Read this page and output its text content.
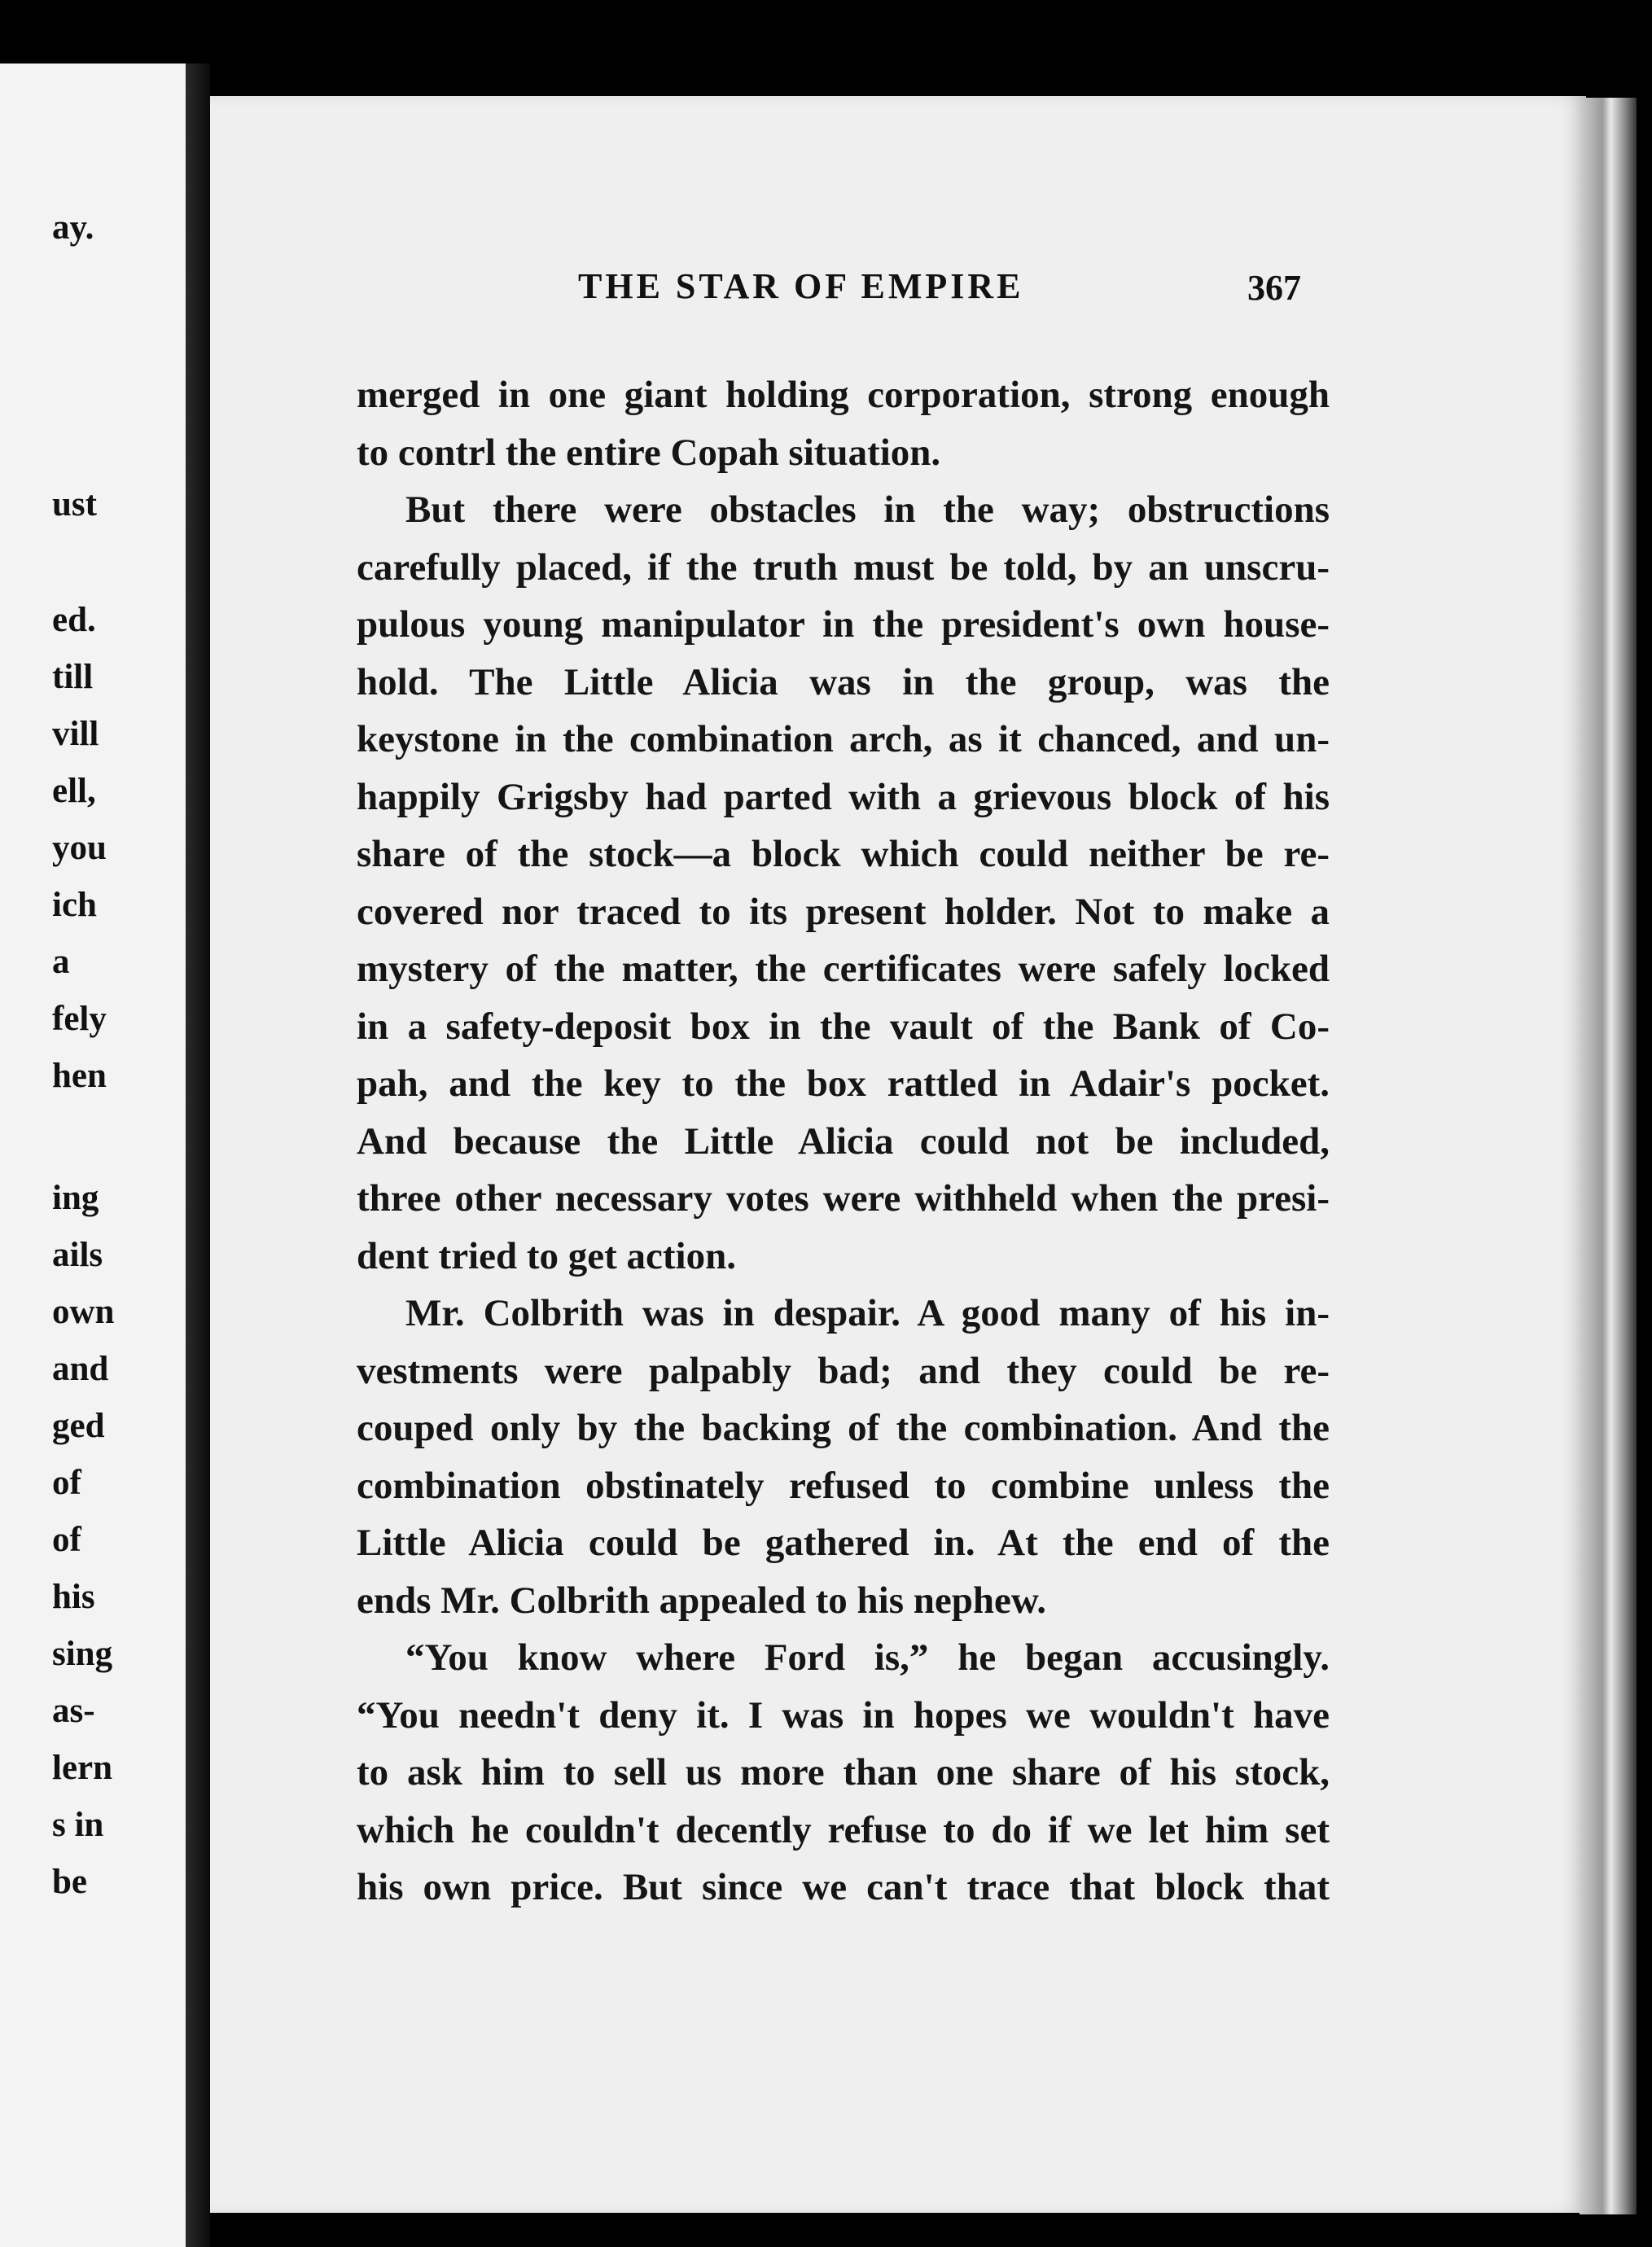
ay.
ust
ed.
till
vill
ell,
you
ich
a
fely
hen
ing
ails
own
and
ged
of
of
his
sing
as-
lern
s in
be
THE STAR OF EMPIRE	367
merged in one giant holding corporation, strong enough
to contrl the entire Copah situation.
But there were obstacles in the way; obstructions
carefully placed, if the truth must be told, by an unscru-
pulous young manipulator in the president's own house-
hold. The Little Alicia was in the group, was the
keystone in the combination arch, as it chanced, and un-
happily Grigsby had parted with a grievous block of his
share of the stock—a block which could neither be re-
covered nor traced to its present holder. Not to make a
mystery of the matter, the certificates were safely locked
in a safety-deposit box in the vault of the Bank of Co-
pah, and the key to the box rattled in Adair's pocket.
And because the Little Alicia could not be included,
three other necessary votes were withheld when the presi-
dent tried to get action.
Mr. Colbrith was in despair. A good many of his in-
vestments were palpably bad; and they could be re-
couped only by the backing of the combination. And the
combination obstinately refused to combine unless the
Little Alicia could be gathered in. At the end of the
ends Mr. Colbrith appealed to his nephew.
“You know where Ford is,” he began accusingly.
“You needn't deny it. I was in hopes we wouldn't have
to ask him to sell us more than one share of his stock,
which he couldn't decently refuse to do if we let him set
his own price. But since we can't trace that block that
